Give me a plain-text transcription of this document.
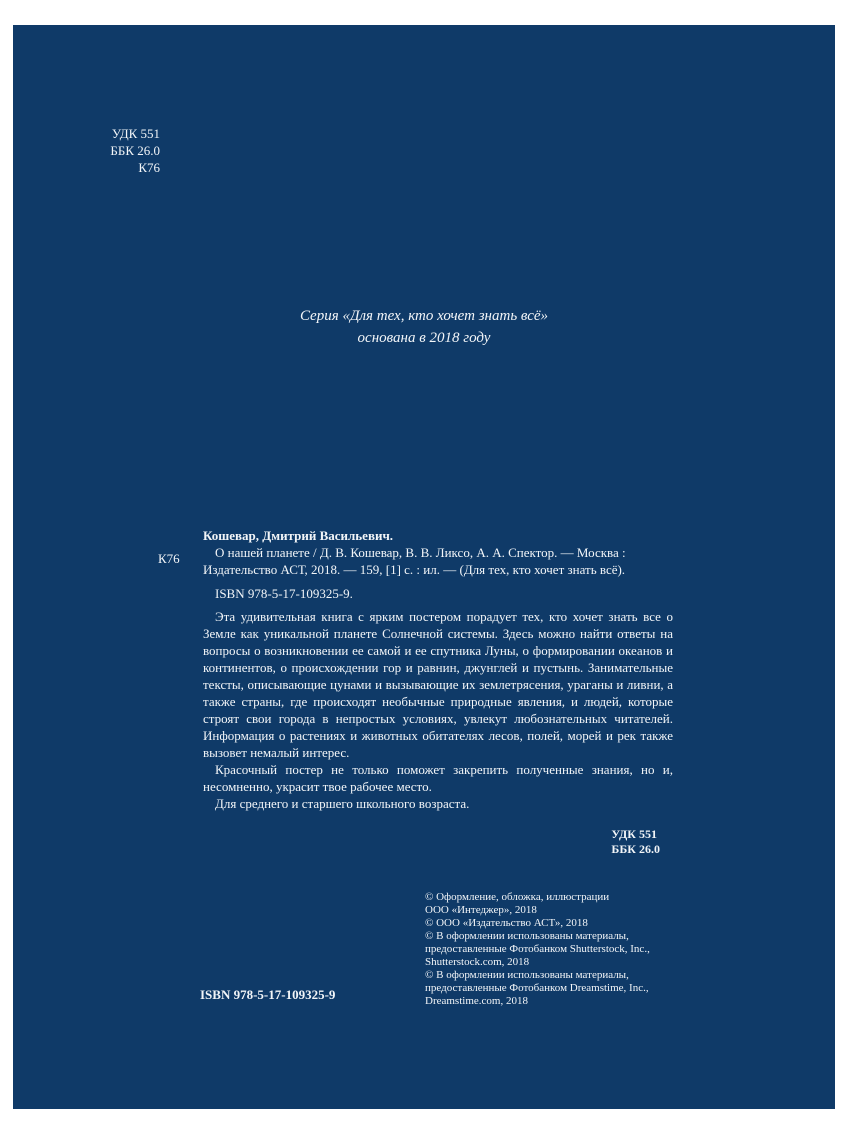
УДК 551
ББК 26.0
К76
Серия «Для тех, кто хочет знать всё»
основана в 2018 году
К76

Кошевар, Дмитрий Васильевич.

О нашей планете / Д. В. Кошевар, В. В. Ликсо, А. А. Спектор. — Москва :

Издательство АСТ, 2018. — 159, [1] с. : ил. — (Для тех, кто хочет знать всё).

ISBN 978-5-17-109325-9.

Эта удивительная книга с ярким постером порадует тех, кто хочет знать все о Земле как уникальной планете Солнечной системы. Здесь можно найти ответы на вопросы о возникновении ее самой и ее спутника Луны, о формировании океанов и континентов, о происхождении гор и равнин, джунглей и пустынь. Занимательные тексты, описывающие цунами и вызывающие их землетрясения, ураганы и ливни, а также страны, где происходят необычные природные явления, и людей, которые строят свои города в непростых условиях, увлекут любознательных читателей. Информация о растениях и животных обитателях лесов, полей, морей и рек также вызовет немалый интерес.

Красочный постер не только поможет закрепить полученные знания, но и, несомненно, украсит твое рабочее место.

Для среднего и старшего школьного возраста.

УДК 551
ББК 26.0
© Оформление, обложка, иллюстрации
ООО «Интеджер», 2018
© ООО «Издательство АСТ», 2018
© В оформлении использованы материалы,
предоставленные Фотобанком Shutterstock, Inc.,
Shutterstock.com, 2018
© В оформлении использованы материалы,
предоставленные Фотобанком Dreamstime, Inc.,
Dreamstime.com, 2018
ISBN 978-5-17-109325-9
